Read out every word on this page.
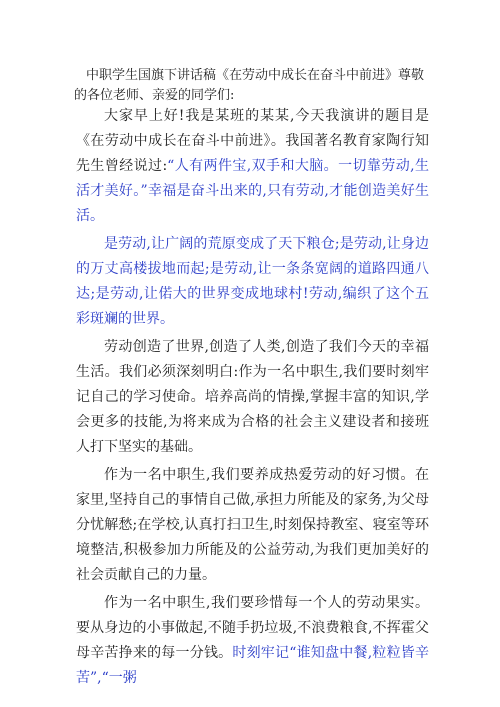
中职学生国旗下讲话稿《在劳动中成长在奋斗中前进》尊敬的各位老师、亲爱的同学们:

大家早上好!我是某班的某某,今天我演讲的题目是《在劳动中成长在奋斗中前进》。我国著名教育家陶行知先生曾经说过:“人有两件宝,双手和大脑。一切靠劳动,生活才美好。”幸福是奋斗出来的,只有劳动,才能创造美好生活。

是劳动,让广阔的荒原变成了天下粮仓;是劳动,让身边的万丈高楼拔地而起;是劳动,让一条条宽阔的道路四通八达;是劳动,让偌大的世界变成地球村!劳动,编织了这个五彩斑斓的世界。

劳动创造了世界,创造了人类,创造了我们今天的幸福生活。我们必须深刻明白:作为一名中职生,我们要时刻牢记自己的学习使命。培养高尚的情操,掌握丰富的知识,学会更多的技能,为将来成为合格的社会主义建设者和接班人打下坚实的基础。

作为一名中职生,我们要养成热爱劳动的好习惯。在家里,坚持自己的事情自己做,承担力所能及的家务,为父母分忧解愁;在学校,认真打扫卫生,时刻保持教室、寝室等环境整洁,积极参加力所能及的公益劳动,为我们更加美好的社会贡献自己的力量。

作为一名中职生,我们要珍惜每一个人的劳动果实。要从身边的小事做起,不随手扔垃圾,不浪费粮食,不挥霍父母辛苦挣来的每一分钱。时刻牢记“谁知盘中餐,粒粒皆辛苦”,“一粥
